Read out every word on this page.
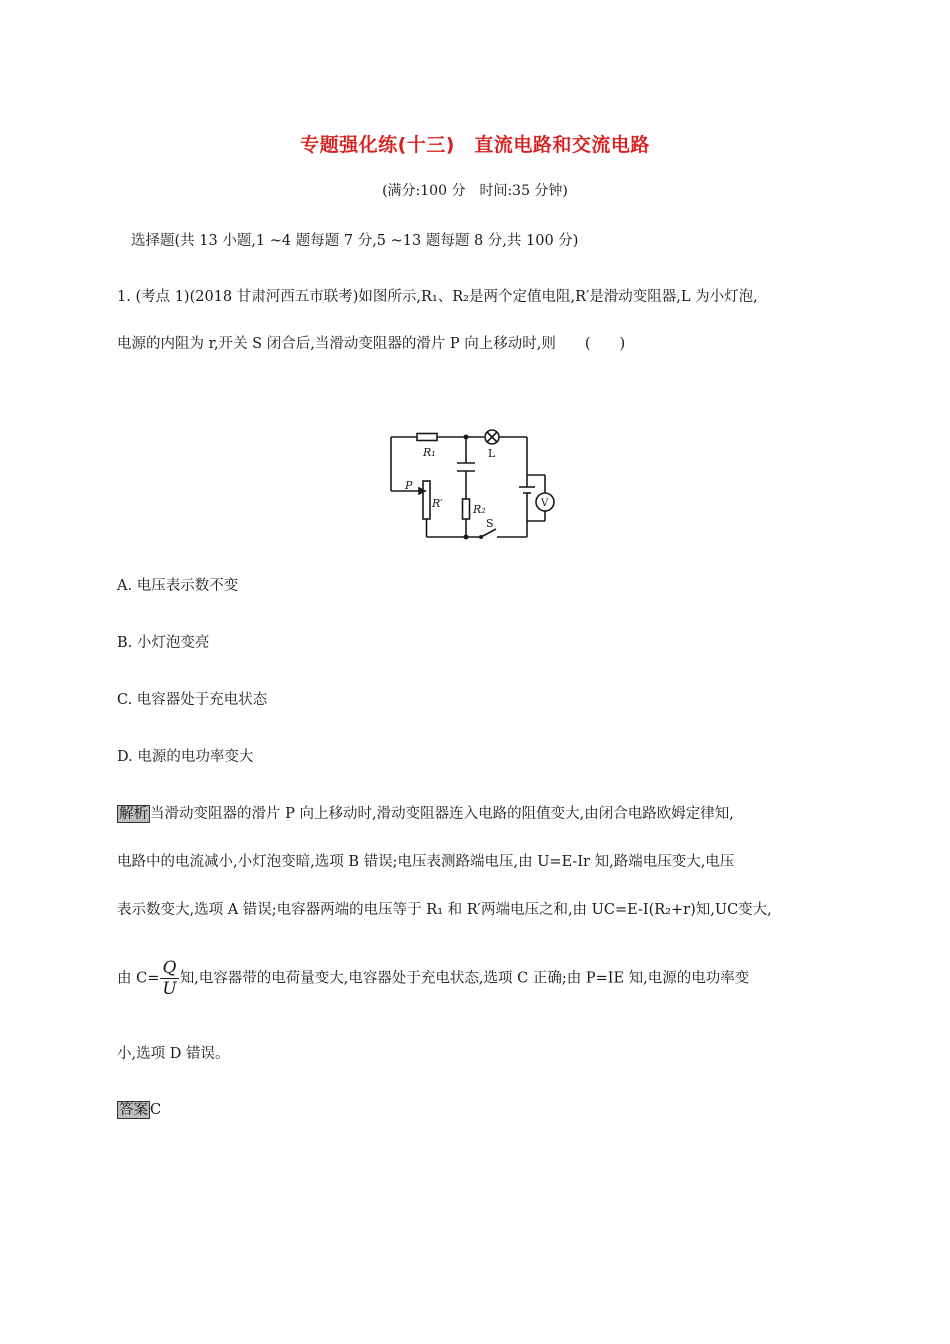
专题强化练(十三)　直流电路和交流电路
(满分:100 分　时间:35 分钟)
选择题(共 13 小题,1 ~4 题每题 7 分,5 ~13 题每题 8 分,共 100 分)
1. (考点 1)(2018 甘肃河西五市联考)如图所示,R₁、R₂是两个定值电阻,R′是滑动变阻器,L 为小灯泡,
电源的内阻为 r,开关 S 闭合后,当滑动变阻器的滑片 P 向上移动时,则　　(　　)
R₁	L
P
R′	R₂
S
V
A. 电压表示数不变
B. 小灯泡变亮
C. 电容器处于充电状态
D. 电源的电功率变大
解析 当滑动变阻器的滑片 P 向上移动时,滑动变阻器连入电路的阻值变大,由闭合电路欧姆定律知,
电路中的电流减小,小灯泡变暗,选项 B 错误;电压表测路端电压,由 U=E-Ir 知,路端电压变大,电压
表示数变大,选项 A 错误;电容器两端的电压等于 R₁ 和 R′两端电压之和,由 UC=E-I(R₂+r)知,UC变大,
由 $C= \frac{Q}{U}$ 知,电容器带的电荷量变大,电容器处于充电状态,选项 C 正确;由 P=IE 知,电源的电功率变
小,选项 D 错误。
答案 C
